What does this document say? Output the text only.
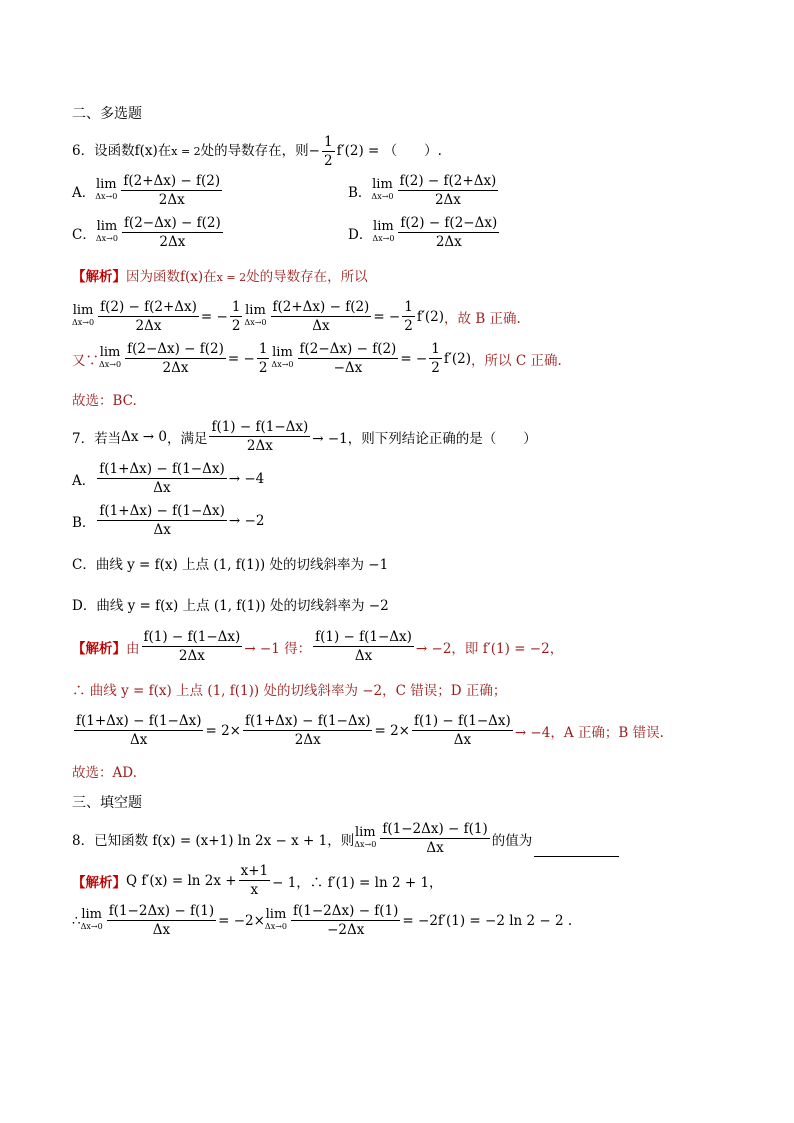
二、多选题
6．设函数f(x)在x = 2处的导数存在，则− $\frac{1}{2} f'(2)$ = （　　）.
A．
lim
$\Delta x\to 0 \frac{f(2+\Delta x) - f(2)}{2\Delta x}$	B．
lim
$\Delta x\to 0 \frac{f(2) - f(2+\Delta x)}{2\Delta x}$
C．
lim
$\Delta x\to 0 \frac{f(2-\Delta x) - f(2)}{2\Delta x}$	D．
lim
$\Delta x\to 0 \frac{f(2) - f(2-\Delta x)}{2\Delta x}$
【解析】因为函数f(x)在x = 2处的导数存在，所以
lim
$\Delta x\to 0 \frac{f(2) - f(2+\Delta x)}{2\Delta x}$ = − $\frac{1}{2}$ lim
$\Delta x\to 0 \frac{f(2+\Delta x) - f(2)}{\Delta x}$ = − $\frac{1}{2} f'(2)$，故 B 正确.
又∵
lim
$\Delta x\to 0 \frac{f(2-\Delta x) - f(2)}{2\Delta x}$ = − $\frac{1}{2}$ lim
$\Delta x\to 0 \frac{f(2-\Delta x) - f(2)}{-\Delta x}$ = − $\frac{1}{2} f'(2)$，所以 C 正确.
故选：BC.
7．若当Δx → 0，满足 $\frac{f(1) - f(1-\Delta x)}{2\Delta x} \to -1$，则下列结论正确的是（　　）
A． $\frac{f(1+\Delta x) - f(1-\Delta x)}{\Delta x} \to -4$
B． $\frac{f(1+\Delta x) - f(1-\Delta x)}{\Delta x} \to -2$
C．曲线 y = f(x) 上点 (1, f(1)) 处的切线斜率为 −1
D．曲线 y = f(x) 上点 (1, f(1)) 处的切线斜率为 −2
【解析】由 $\frac{f(1) - f(1-\Delta x)}{2\Delta x} \to -1$ 得： $\frac{f(1) - f(1-\Delta x)}{\Delta x} \to -2$，即 f′(1) = −2，
∴ 曲线 y = f(x) 上点 (1, f(1)) 处的切线斜率为 −2，C 错误；D 正确；
$\frac{f(1+\Delta x) - f(1-\Delta x)}{\Delta x} = 2\times \frac{f(1+\Delta x) - f(1-\Delta x)}{2\Delta x} = 2\times \frac{f(1) - f(1-\Delta x)}{\Delta x} \to -4$，A 正确；B 错误.
故选：AD.
三、填空题
8．已知函数 f(x) = (x+1) ln 2x − x + 1，则
lim
$\Delta x\to 0 \frac{f(1-2\Delta x) - f(1)}{\Delta x}$ 的值为
【解析】Q $f'(x) = \ln 2x + \frac{x+1}{x} - 1$，∴ f′(1) = ln 2 + 1，
∴ lim
$\Delta x\to 0 \frac{f(1-2\Delta x) - f(1)}{\Delta x} = -2\times \lim$
$\Delta x\to 0 \frac{f(1-2\Delta x) - f(1)}{-2\Delta x} = -2f'(1) = -2$ ln 2 − 2 .
